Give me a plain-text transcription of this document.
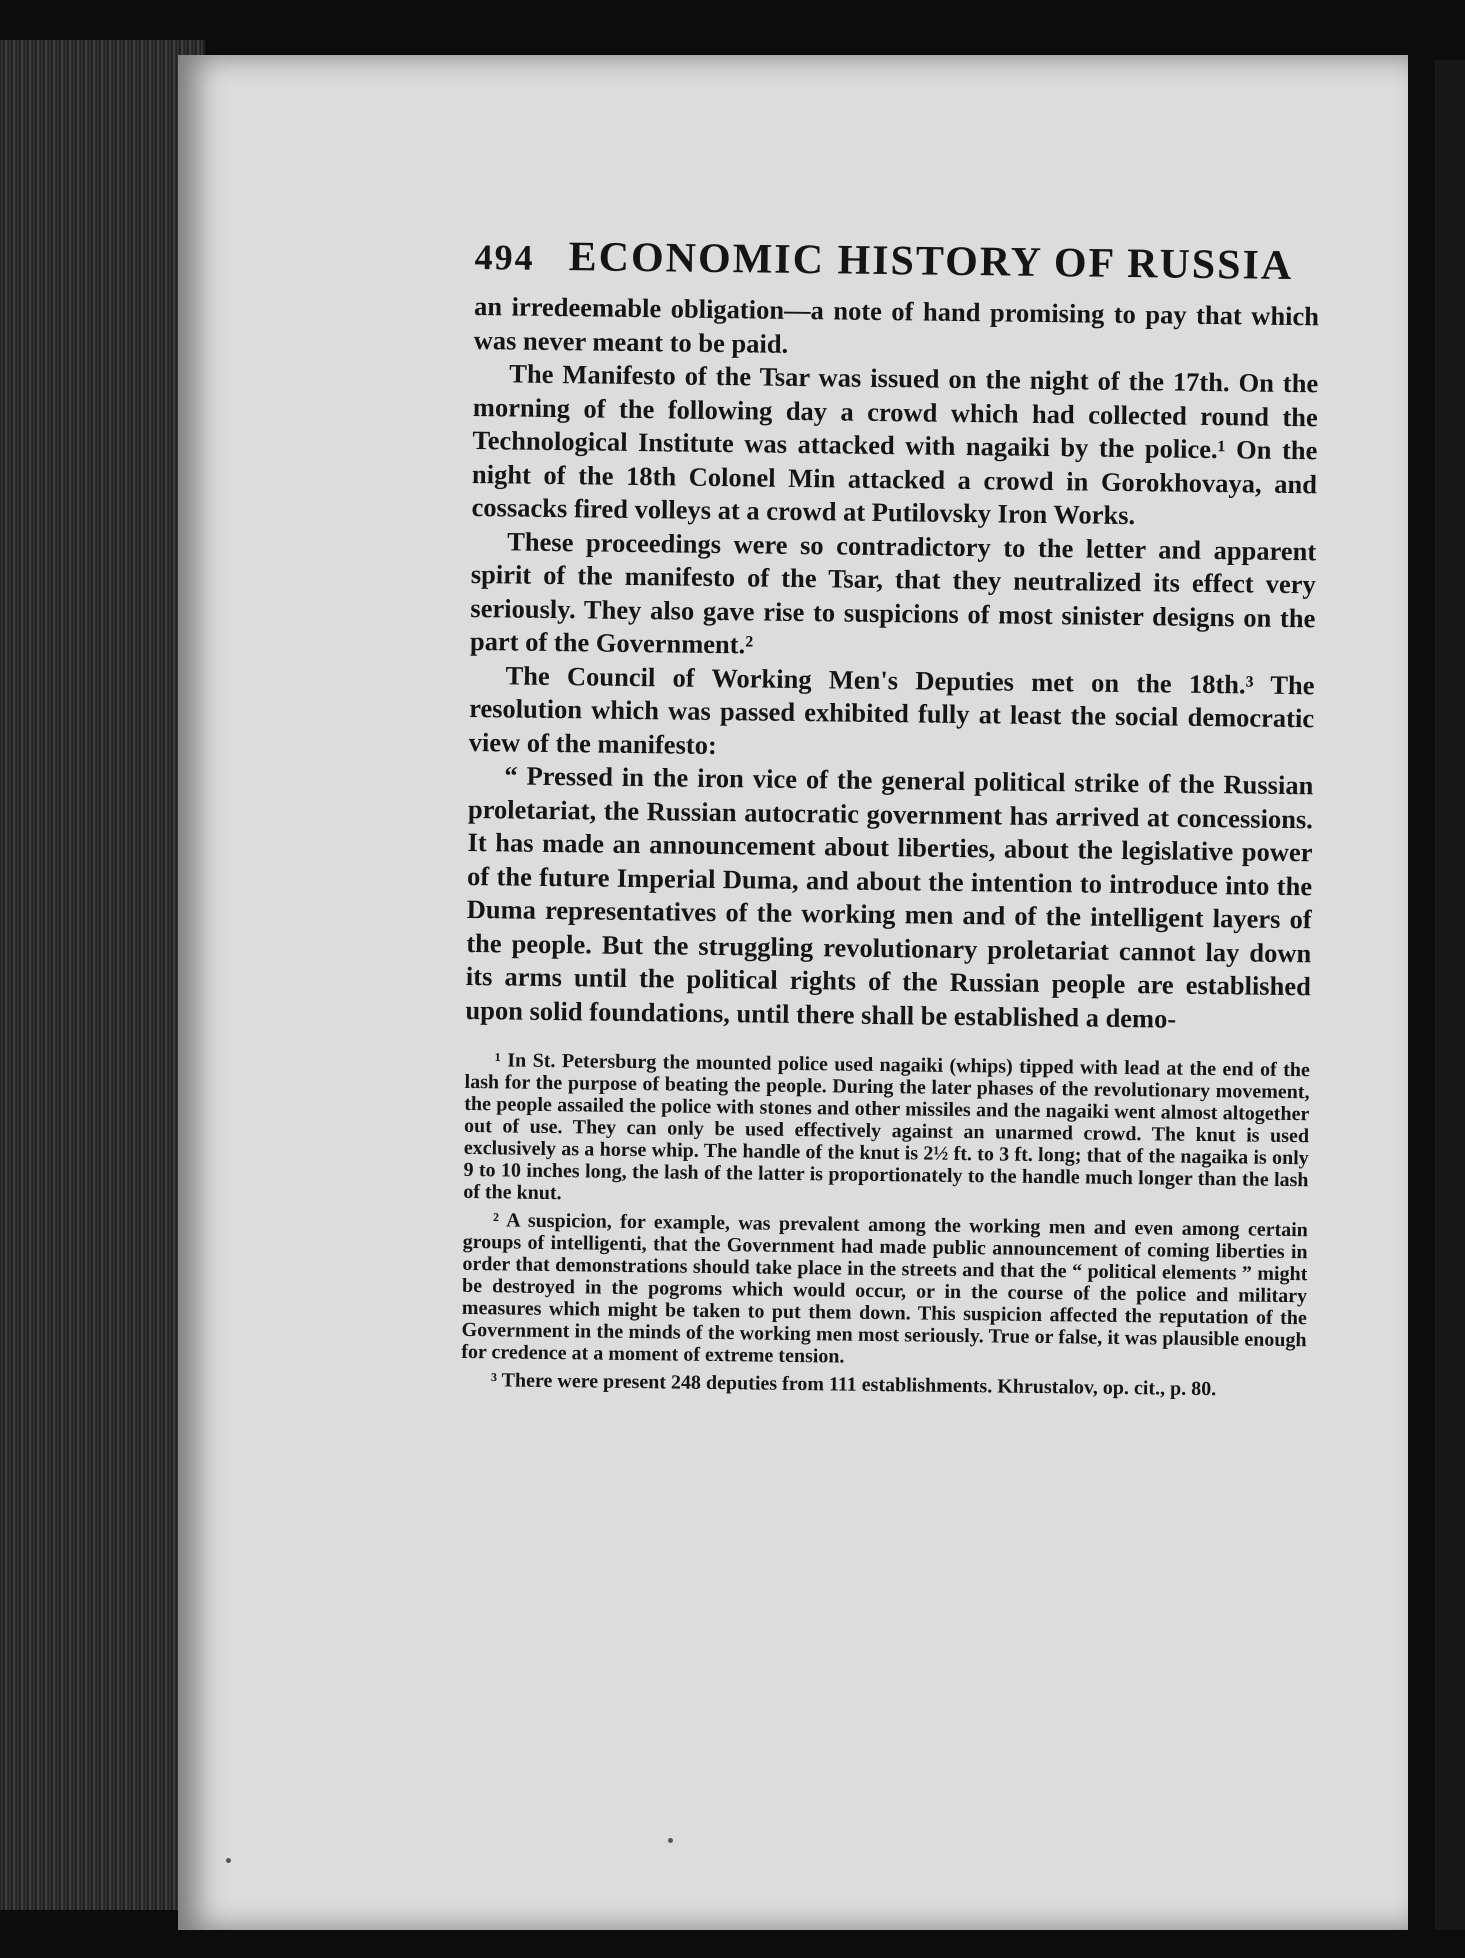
494 ECONOMIC HISTORY OF RUSSIA

an irredeemable obligation—a note of hand promising to pay that which was never meant to be paid.

The Manifesto of the Tsar was issued on the night of the 17th. On the morning of the following day a crowd which had collected round the Technological Institute was attacked with nagaiki by the police.¹ On the night of the 18th Colonel Min attacked a crowd in Gorokhovaya, and cossacks fired volleys at a crowd at Putilovsky Iron Works.

These proceedings were so contradictory to the letter and apparent spirit of the manifesto of the Tsar, that they neutralized its effect very seriously. They also gave rise to suspicions of most sinister designs on the part of the Government.²

The Council of Working Men's Deputies met on the 18th.³ The resolution which was passed exhibited fully at least the social democratic view of the manifesto:

“ Pressed in the iron vice of the general political strike of the Russian proletariat, the Russian autocratic government has arrived at concessions. It has made an announcement about liberties, about the legislative power of the future Imperial Duma, and about the intention to introduce into the Duma representatives of the working men and of the intelligent layers of the people. But the struggling revolutionary proletariat cannot lay down its arms until the political rights of the Russian people are established upon solid foundations, until there shall be established a demo-

¹ In St. Petersburg the mounted police used nagaiki (whips) tipped with lead at the end of the lash for the purpose of beating the people. During the later phases of the revolutionary movement, the people assailed the police with stones and other missiles and the nagaiki went almost altogether out of use. They can only be used effectively against an unarmed crowd. The knut is used exclusively as a horse whip. The handle of the knut is 2½ ft. to 3 ft. long; that of the nagaika is only 9 to 10 inches long, the lash of the latter is proportionately to the handle much longer than the lash of the knut.

² A suspicion, for example, was prevalent among the working men and even among certain groups of intelligenti, that the Government had made public announcement of coming liberties in order that demonstrations should take place in the streets and that the “ political elements ” might be destroyed in the pogroms which would occur, or in the course of the police and military measures which might be taken to put them down. This suspicion affected the reputation of the Government in the minds of the working men most seriously. True or false, it was plausible enough for credence at a moment of extreme tension.

³ There were present 248 deputies from 111 establishments. Khrustalov, op. cit., p. 80.
